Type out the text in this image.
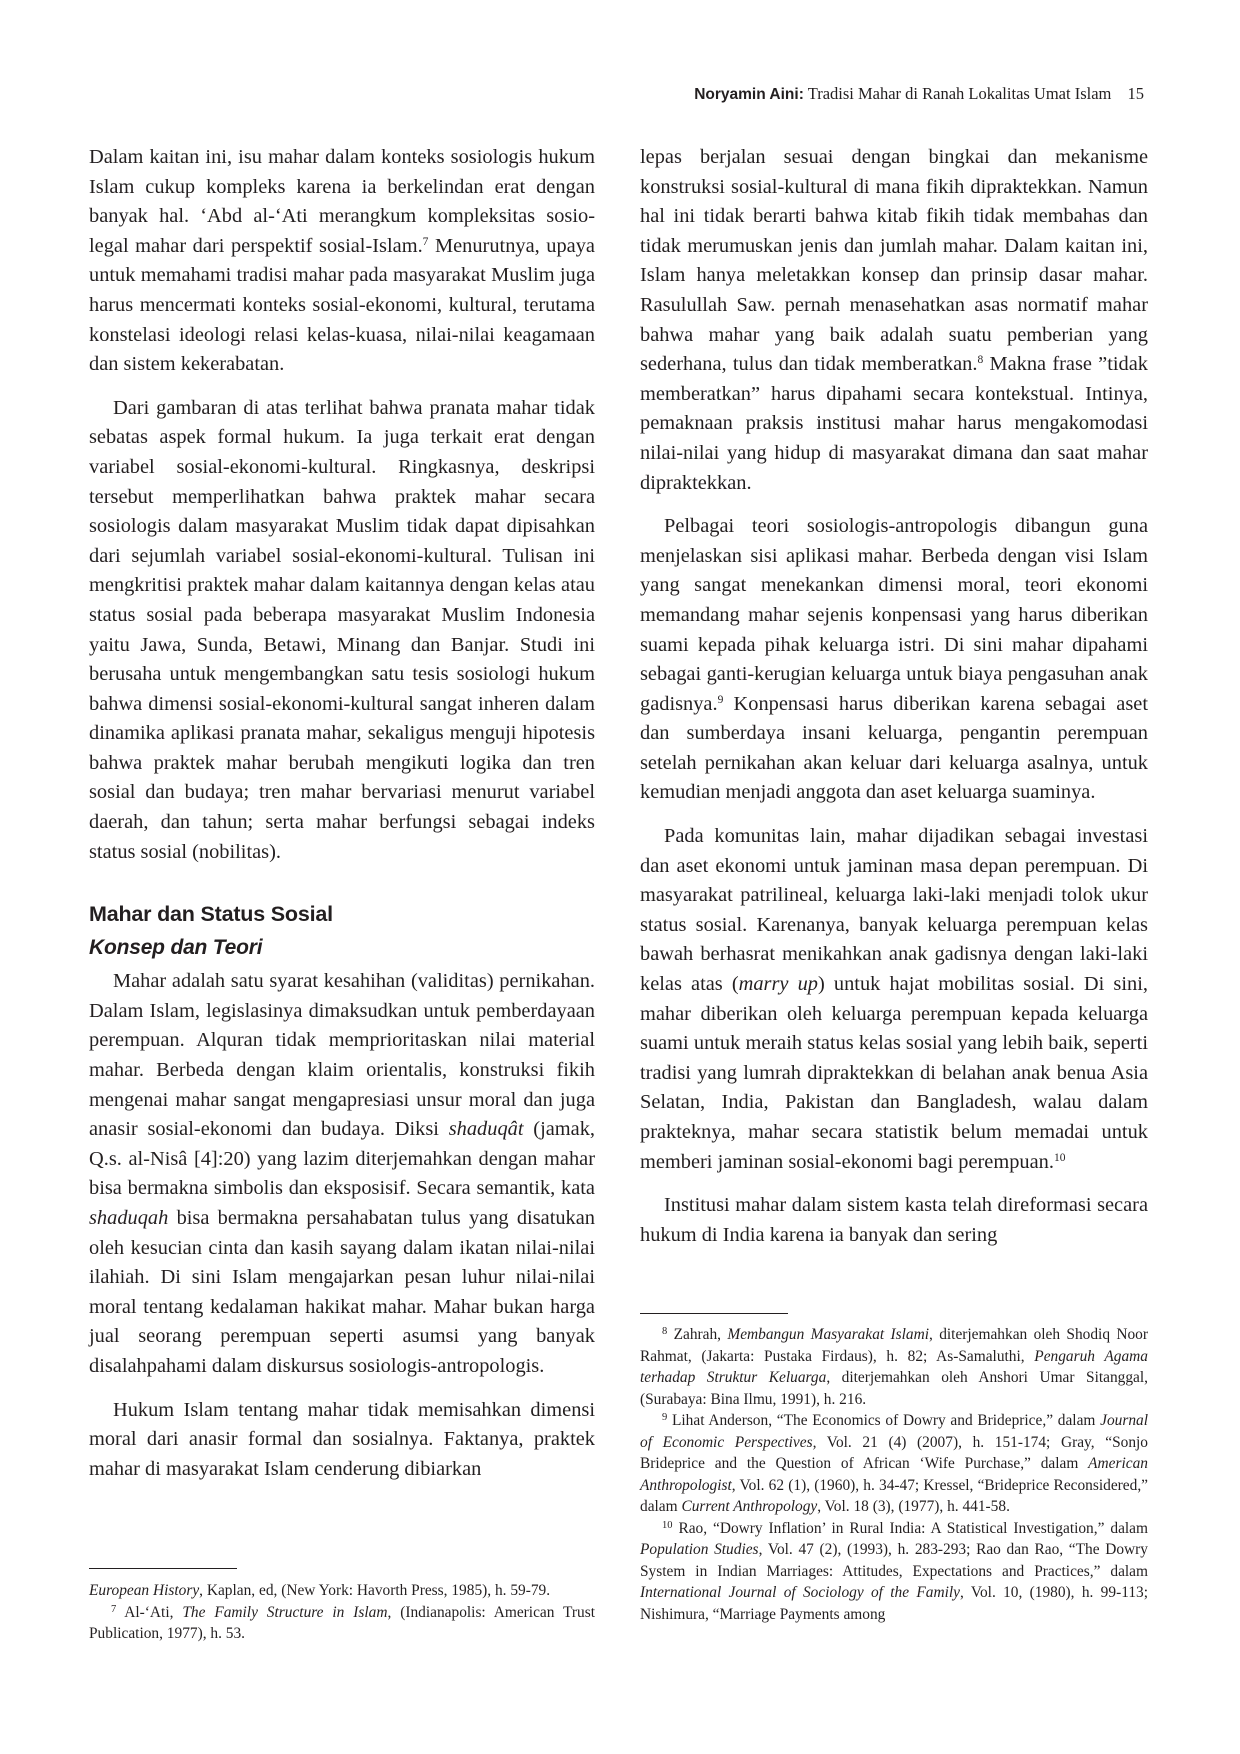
Noryamin Aini: Tradisi Mahar di Ranah Lokalitas Umat Islam 15

Dalam kaitan ini, isu mahar dalam konteks sosiologis hukum Islam cukup kompleks karena ia berkelindan erat dengan banyak hal. ‘Abd al-‘Ati merangkum kompleksitas sosio-legal mahar dari perspektif sosial-Islam.$^7$ Menurutnya, upaya untuk memahami tradisi mahar pada masyarakat Muslim juga harus mencermati konteks sosial-ekonomi, kultural, terutama konstelasi ideologi relasi kelas-kuasa, nilai-nilai keagamaan dan sistem kekerabatan.

Dari gambaran di atas terlihat bahwa pranata mahar tidak sebatas aspek formal hukum. Ia juga terkait erat dengan variabel sosial-ekonomi-kultural. Ringkasnya, deskripsi tersebut memperlihatkan bahwa praktek mahar secara sosiologis dalam masyarakat Muslim tidak dapat dipisahkan dari sejumlah variabel sosial-ekonomi-kultural. Tulisan ini mengkritisi praktek mahar dalam kaitannya dengan kelas atau status sosial pada beberapa masyarakat Muslim Indonesia yaitu Jawa, Sunda, Betawi, Minang dan Banjar. Studi ini berusaha untuk mengembangkan satu tesis sosiologi hukum bahwa dimensi sosial-ekonomi-kultural sangat inheren dalam dinamika aplikasi pranata mahar, sekaligus menguji hipotesis bahwa praktek mahar berubah mengikuti logika dan tren sosial dan budaya; tren mahar bervariasi menurut variabel daerah, dan tahun; serta mahar berfungsi sebagai indeks status sosial (nobilitas).

Mahar dan Status Sosial
Konsep dan Teori

Mahar adalah satu syarat kesahihan (validitas) pernikahan. Dalam Islam, legislasinya dimaksudkan untuk pemberdayaan perempuan. Alquran tidak memprioritaskan nilai material mahar. Berbeda dengan klaim orientalis, konstruksi fikih mengenai mahar sangat mengapresiasi unsur moral dan juga anasir sosial-ekonomi dan budaya. Diksi shaduqât (jamak, Q.s. al-Nisâ [4]:20) yang lazim diterjemahkan dengan mahar bisa bermakna simbolis dan eksposisif. Secara semantik, kata shaduqah bisa bermakna persahabatan tulus yang disatukan oleh kesucian cinta dan kasih sayang dalam ikatan nilai-nilai ilahiah. Di sini Islam mengajarkan pesan luhur nilai-nilai moral tentang kedalaman hakikat mahar. Mahar bukan harga jual seorang perempuan seperti asumsi yang banyak disalahpahami dalam diskursus sosiologis-antropologis.

Hukum Islam tentang mahar tidak memisahkan dimensi moral dari anasir formal dan sosialnya. Faktanya, praktek mahar di masyarakat Islam cenderung dibiarkan

lepas berjalan sesuai dengan bingkai dan mekanisme konstruksi sosial-kultural di mana fikih dipraktekkan. Namun hal ini tidak berarti bahwa kitab fikih tidak membahas dan tidak merumuskan jenis dan jumlah mahar. Dalam kaitan ini, Islam hanya meletakkan konsep dan prinsip dasar mahar. Rasulullah Saw. pernah menasehatkan asas normatif mahar bahwa mahar yang baik adalah suatu pemberian yang sederhana, tulus dan tidak memberatkan.$^8$ Makna frase ”tidak memberatkan” harus dipahami secara kontekstual. Intinya, pemaknaan praksis institusi mahar harus mengakomodasi nilai-nilai yang hidup di masyarakat dimana dan saat mahar dipraktekkan.

Pelbagai teori sosiologis-antropologis dibangun guna menjelaskan sisi aplikasi mahar. Berbeda dengan visi Islam yang sangat menekankan dimensi moral, teori ekonomi memandang mahar sejenis konpensasi yang harus diberikan suami kepada pihak keluarga istri. Di sini mahar dipahami sebagai ganti-kerugian keluarga untuk biaya pengasuhan anak gadisnya.$^9$ Konpensasi harus diberikan karena sebagai aset dan sumberdaya insani keluarga, pengantin perempuan setelah pernikahan akan keluar dari keluarga asalnya, untuk kemudian menjadi anggota dan aset keluarga suaminya.

Pada komunitas lain, mahar dijadikan sebagai investasi dan aset ekonomi untuk jaminan masa depan perempuan. Di masyarakat patrilineal, keluarga laki-laki menjadi tolok ukur status sosial. Karenanya, banyak keluarga perempuan kelas bawah berhasrat menikahkan anak gadisnya dengan laki-laki kelas atas (marry up) untuk hajat mobilitas sosial. Di sini, mahar diberikan oleh keluarga perempuan kepada keluarga suami untuk meraih status kelas sosial yang lebih baik, seperti tradisi yang lumrah dipraktekkan di belahan anak benua Asia Selatan, India, Pakistan dan Bangladesh, walau dalam prakteknya, mahar secara statistik belum memadai untuk memberi jaminan sosial-ekonomi bagi perempuan.$^{10}$

Institusi mahar dalam sistem kasta telah direformasi secara hukum di India karena ia banyak dan sering

European History, Kaplan, ed, (New York: Havorth Press, 1985), h. 59-79.

$^7$ Al-‘Ati, The Family Structure in Islam, (Indianapolis: American Trust Publication, 1977), h. 53.

$^8$ Zahrah, Membangun Masyarakat Islami, diterjemahkan oleh Shodiq Noor Rahmat, (Jakarta: Pustaka Firdaus), h. 82; As-Samaluthi, Pengaruh Agama terhadap Struktur Keluarga, diterjemahkan oleh Anshori Umar Sitanggal, (Surabaya: Bina Ilmu, 1991), h. 216.

$^9$ Lihat Anderson, “The Economics of Dowry and Brideprice,” dalam Journal of Economic Perspectives, Vol. 21 (4) (2007), h. 151-174; Gray, “Sonjo Brideprice and the Question of African ‘Wife Purchase,” dalam American Anthropologist, Vol. 62 (1), (1960), h. 34-47; Kressel, “Brideprice Reconsidered,” dalam Current Anthropology, Vol. 18 (3), (1977), h. 441-58.

$^{10}$ Rao, “Dowry Inflation’ in Rural India: A Statistical Investigation,” dalam Population Studies, Vol. 47 (2), (1993), h. 283-293; Rao dan Rao, “The Dowry System in Indian Marriages: Attitudes, Expectations and Practices,” dalam International Journal of Sociology of the Family, Vol. 10, (1980), h. 99-113; Nishimura, “Marriage Payments among
